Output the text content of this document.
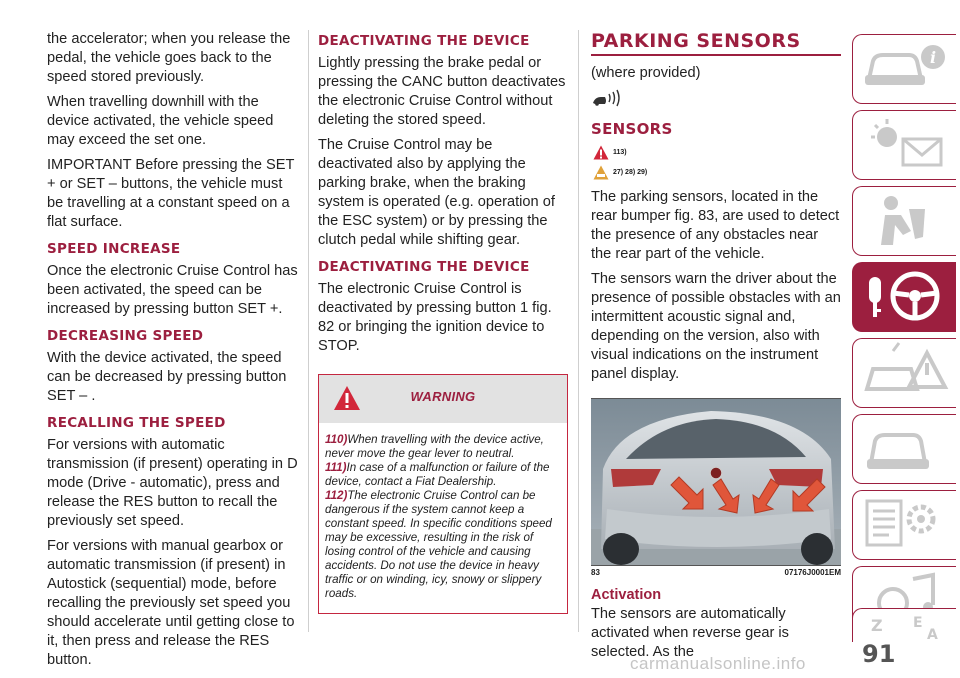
the accelerator; when you release the pedal, the vehicle goes back to the speed stored previously.

When travelling downhill with the device activated, the vehicle speed may exceed the set one.

IMPORTANT Before pressing the SET + or SET – buttons, the vehicle must be travelling at a constant speed on a flat surface.

SPEED INCREASE

Once the electronic Cruise Control has been activated, the speed can be increased by pressing button SET +.

DECREASING SPEED

With the device activated, the speed can be decreased by pressing button SET – .

RECALLING THE SPEED

For versions with automatic transmission (if present) operating in D mode (Drive - automatic), press and release the RES button to recall the previously set speed.

For versions with manual gearbox or automatic transmission (if present) in Autostick (sequential) mode, before recalling the previously set speed you should accelerate until getting close to it, then press and release the RES button.

DEACTIVATING THE DEVICE

Lightly pressing the brake pedal or pressing the CANC button deactivates the electronic Cruise Control without deleting the stored speed.

The Cruise Control may be deactivated also by applying the parking brake, when the braking system is operated (e.g. operation of the ESC system) or by pressing the clutch pedal while shifting gear.

DEACTIVATING THE DEVICE

The electronic Cruise Control is deactivated by pressing button 1 fig. 82 or bringing the ignition device to STOP.

WARNING
110)When travelling with the device active, never move the gear lever to neutral.
111)In case of a malfunction or failure of the device, contact a Fiat Dealership.
112)The electronic Cruise Control can be dangerous if the system cannot keep a constant speed. In specific conditions speed may be excessive, resulting in the risk of losing control of the vehicle and causing accidents. Do not use the device in heavy traffic or on winding, icy, snowy or slippery roads.
PARKING SENSORS

(where provided)

SENSORS
113)
27) 28) 29)

The parking sensors, located in the rear bumper fig. 83, are used to detect the presence of any obstacles near the rear part of the vehicle.

The sensors warn the driver about the presence of possible obstacles with an intermittent acoustic signal and, depending on the version, also with visual indications on the instrument panel display.

83	07176J0001EM
Activation

The sensors are automatically activated when reverse gear is selected. As the

i
Z E
A
91
carmanualsonline.info
